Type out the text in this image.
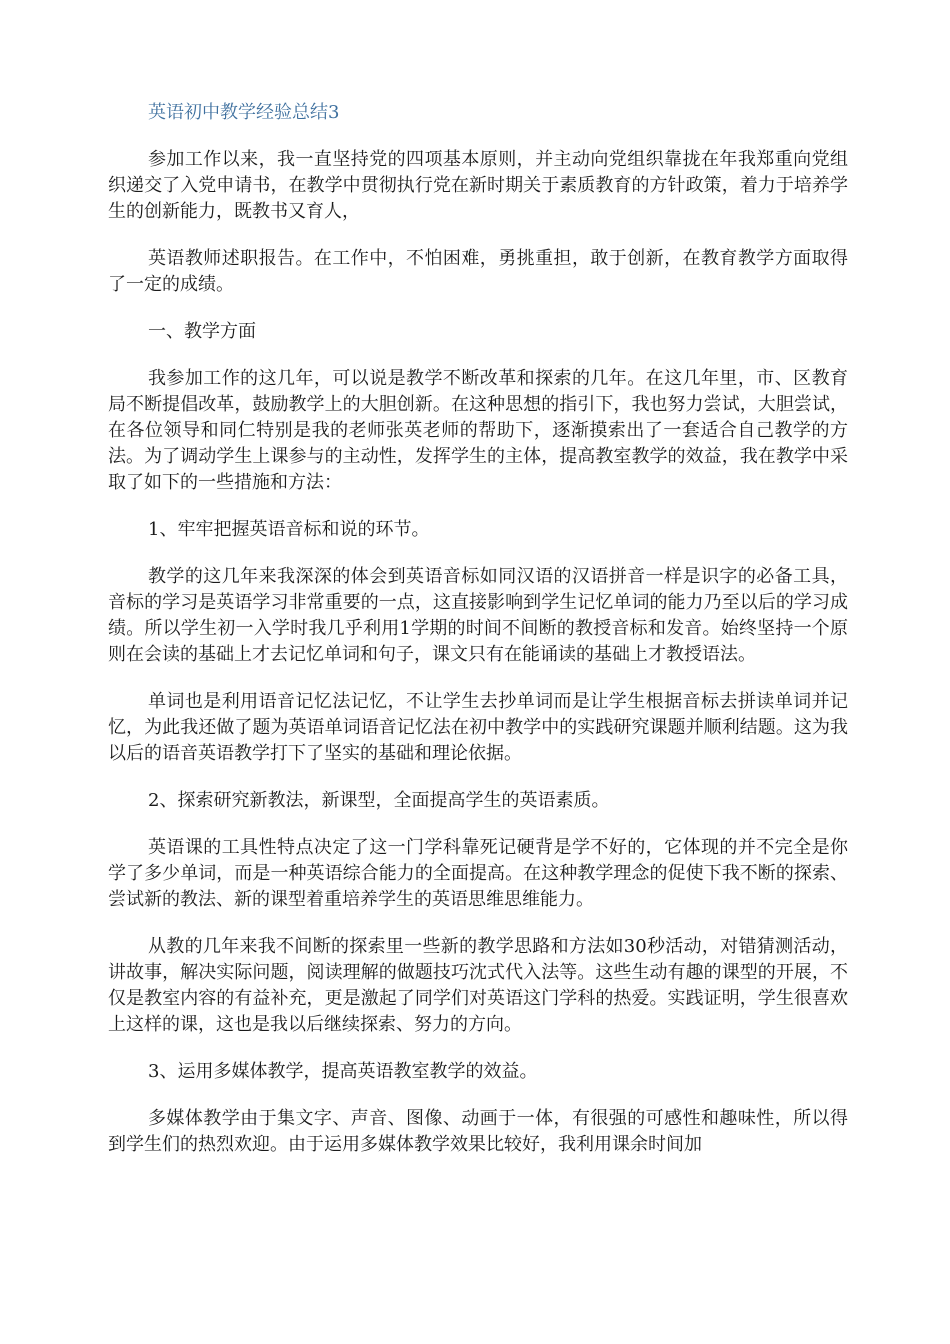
英语初中教学经验总结3

参加工作以来，我一直坚持党的四项基本原则，并主动向党组织靠拢在年我郑重向党组织递交了入党申请书，在教学中贯彻执行党在新时期关于素质教育的方针政策，着力于培养学生的创新能力，既教书又育人，

英语教师述职报告。在工作中，不怕困难，勇挑重担，敢于创新，在教育教学方面取得了一定的成绩。

一、教学方面

我参加工作的这几年，可以说是教学不断改革和探索的几年。在这几年里，市、区教育局不断提倡改革，鼓励教学上的大胆创新。在这种思想的指引下，我也努力尝试，大胆尝试，在各位领导和同仁特别是我的老师张英老师的帮助下，逐渐摸索出了一套适合自己教学的方法。为了调动学生上课参与的主动性，发挥学生的主体，提高教室教学的效益，我在教学中采取了如下的一些措施和方法：

1、牢牢把握英语音标和说的环节。

教学的这几年来我深深的体会到英语音标如同汉语的汉语拼音一样是识字的必备工具，音标的学习是英语学习非常重要的一点，这直接影响到学生记忆单词的能力乃至以后的学习成绩。所以学生初一入学时我几乎利用1学期的时间不间断的教授音标和发音。始终坚持一个原则在会读的基础上才去记忆单词和句子，课文只有在能诵读的基础上才教授语法。

单词也是利用语音记忆法记忆，不让学生去抄单词而是让学生根据音标去拼读单词并记忆，为此我还做了题为英语单词语音记忆法在初中教学中的实践研究课题并顺利结题。这为我以后的语音英语教学打下了坚实的基础和理论依据。

2、探索研究新教法，新课型，全面提高学生的英语素质。

英语课的工具性特点决定了这一门学科靠死记硬背是学不好的，它体现的并不完全是你学了多少单词，而是一种英语综合能力的全面提高。在这种教学理念的促使下我不断的探索、尝试新的教法、新的课型着重培养学生的英语思维思维能力。

从教的几年来我不间断的探索里一些新的教学思路和方法如30秒活动，对错猜测活动，讲故事，解决实际问题，阅读理解的做题技巧沈式代入法等。这些生动有趣的课型的开展，不仅是教室内容的有益补充，更是激起了同学们对英语这门学科的热爱。实践证明，学生很喜欢上这样的课，这也是我以后继续探索、努力的方向。

3、运用多媒体教学，提高英语教室教学的效益。

多媒体教学由于集文字、声音、图像、动画于一体，有很强的可感性和趣味性，所以得到学生们的热烈欢迎。由于运用多媒体教学效果比较好，我利用课余时间加
